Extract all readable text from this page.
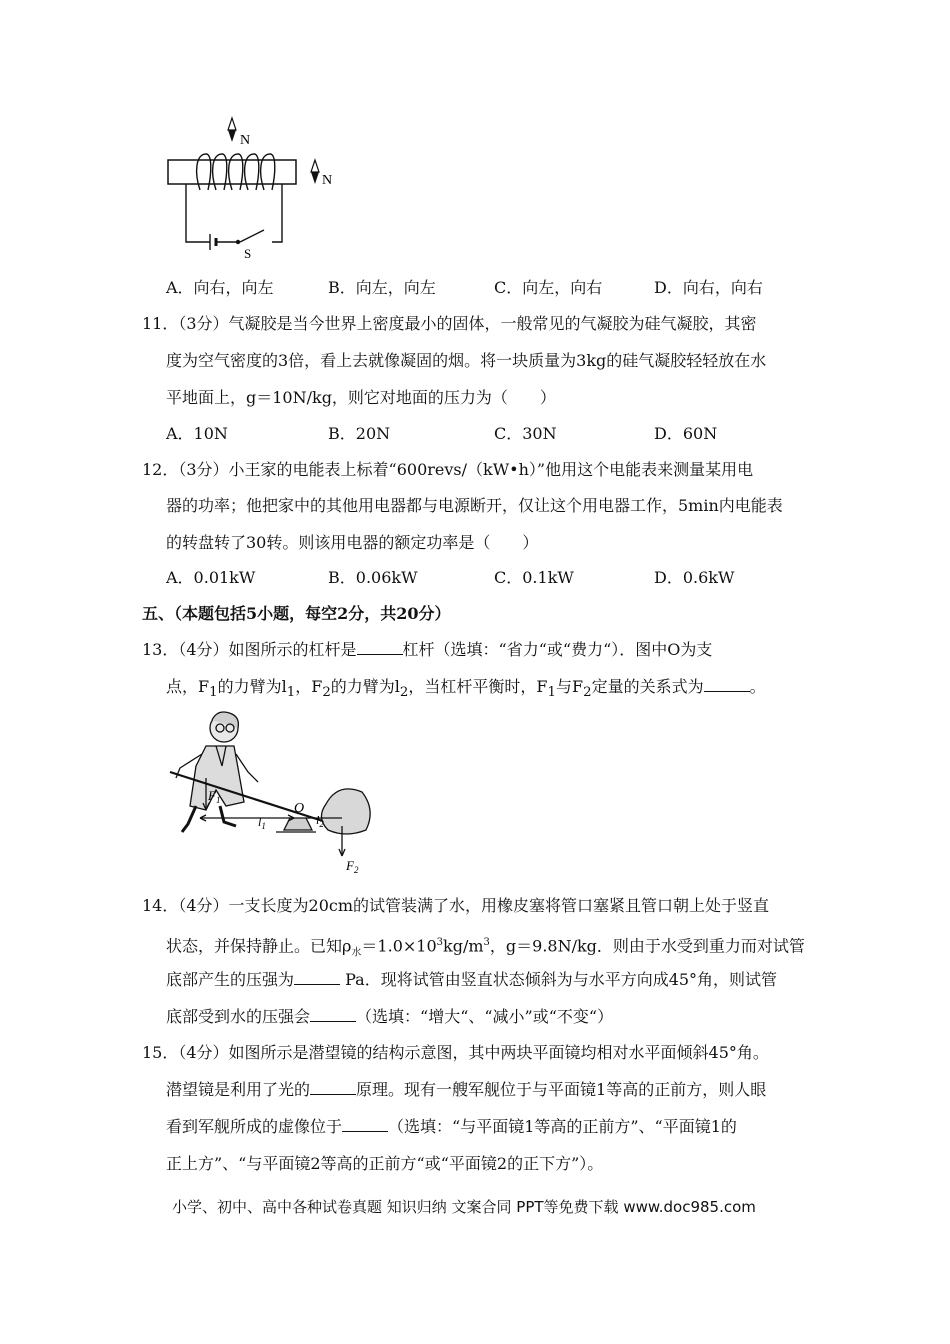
S
N
N
A．向右，向左	B．向左，向左	C．向左，向右	D．向右，向右
11．（3分）气凝胶是当今世界上密度最小的固体，一般常见的气凝胶为硅气凝胶，其密
度为空气密度的3倍，看上去就像凝固的烟。将一块质量为3kg的硅气凝胶轻轻放在水
平地面上，g＝10N/kg，则它对地面的压力为（　　）
A．10N	B．20N	C．30N	D．60N
12．（3分）小王家的电能表上标着“600revs/（kW•h）”他用这个电能表来测量某用电
器的功率；他把家中的其他用电器都与电源断开，仅让这个用电器工作，5min内电能表
的转盘转了30转。则该用电器的额定功率是（　　）
A．0.01kW	B．0.06kW	C．0.1kW	D．0.6kW
五、（本题包括5小题，每空2分，共20分）
13．（4分）如图所示的杠杆是	杠杆（选填：“省力“或“费力“）．图中O为支
点，$F_1$的力臂为$l_1$，$F_2$的力臂为$l_2$，当杠杆平衡时，$F_1$与$F_2$定量的关系式为	。
$F_1$
O
$l_1$	$l_2$
$F_2$
14．（4分）一支长度为20cm的试管装满了水，用橡皮塞将管口塞紧且管口朝上处于竖直
状态，并保持静止。已知$\rho_水=1.0\times 10^3kg/m^3$，g＝9.8N/kg．则由于水受到重力而对试管
底部产生的压强为	Pa．现将试管由竖直状态倾斜为与水平方向成45°角，则试管
底部受到水的压强会	（选填：“增大“、“减小”或“不变“）
15．（4分）如图所示是潜望镜的结构示意图，其中两块平面镜均相对水平面倾斜45°角。
潜望镜是利用了光的	原理。现有一艘军舰位于与平面镜1等高的正前方，则人眼
看到军舰所成的虚像位于	（选填：“与平面镜1等高的正前方”、“平面镜1的
正上方”、“与平面镜2等高的正前方“或“平面镜2的正下方”）。
小学、初中、高中各种试卷真题 知识归纳 文案合同 PPT等免费下载 www.doc985.com
